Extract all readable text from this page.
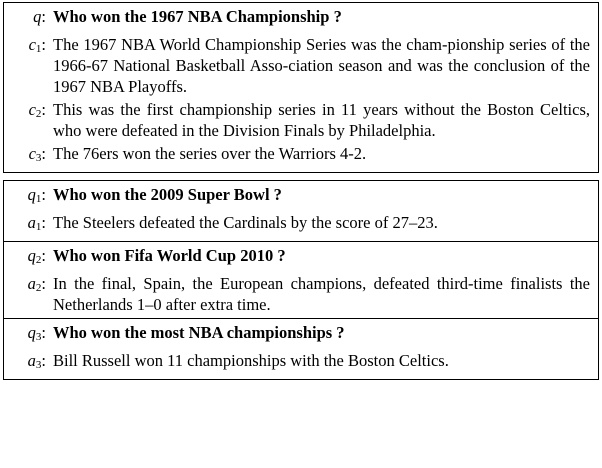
q: Who won the 1967 NBA Championship ?
$c_1$: The 1967 NBA World Championship Series was the cham-pionship series of the 1966-67 National Basketball Asso-ciation season and was the conclusion of the 1967 NBA Playoffs.
$c_2$: This was the first championship series in 11 years without the Boston Celtics, who were defeated in the Division Finals by Philadelphia.
$c_3$: The 76ers won the series over the Warriors 4-2.
$q_1$: Who won the 2009 Super Bowl ?
$a_1$: The Steelers defeated the Cardinals by the score of 27–23.
$q_2$: Who won Fifa World Cup 2010 ?
$a_2$: In the final, Spain, the European champions, defeated third-time finalists the Netherlands 1–0 after extra time.
$q_3$: Who won the most NBA championships ?
$a_3$: Bill Russell won 11 championships with the Boston Celtics.
